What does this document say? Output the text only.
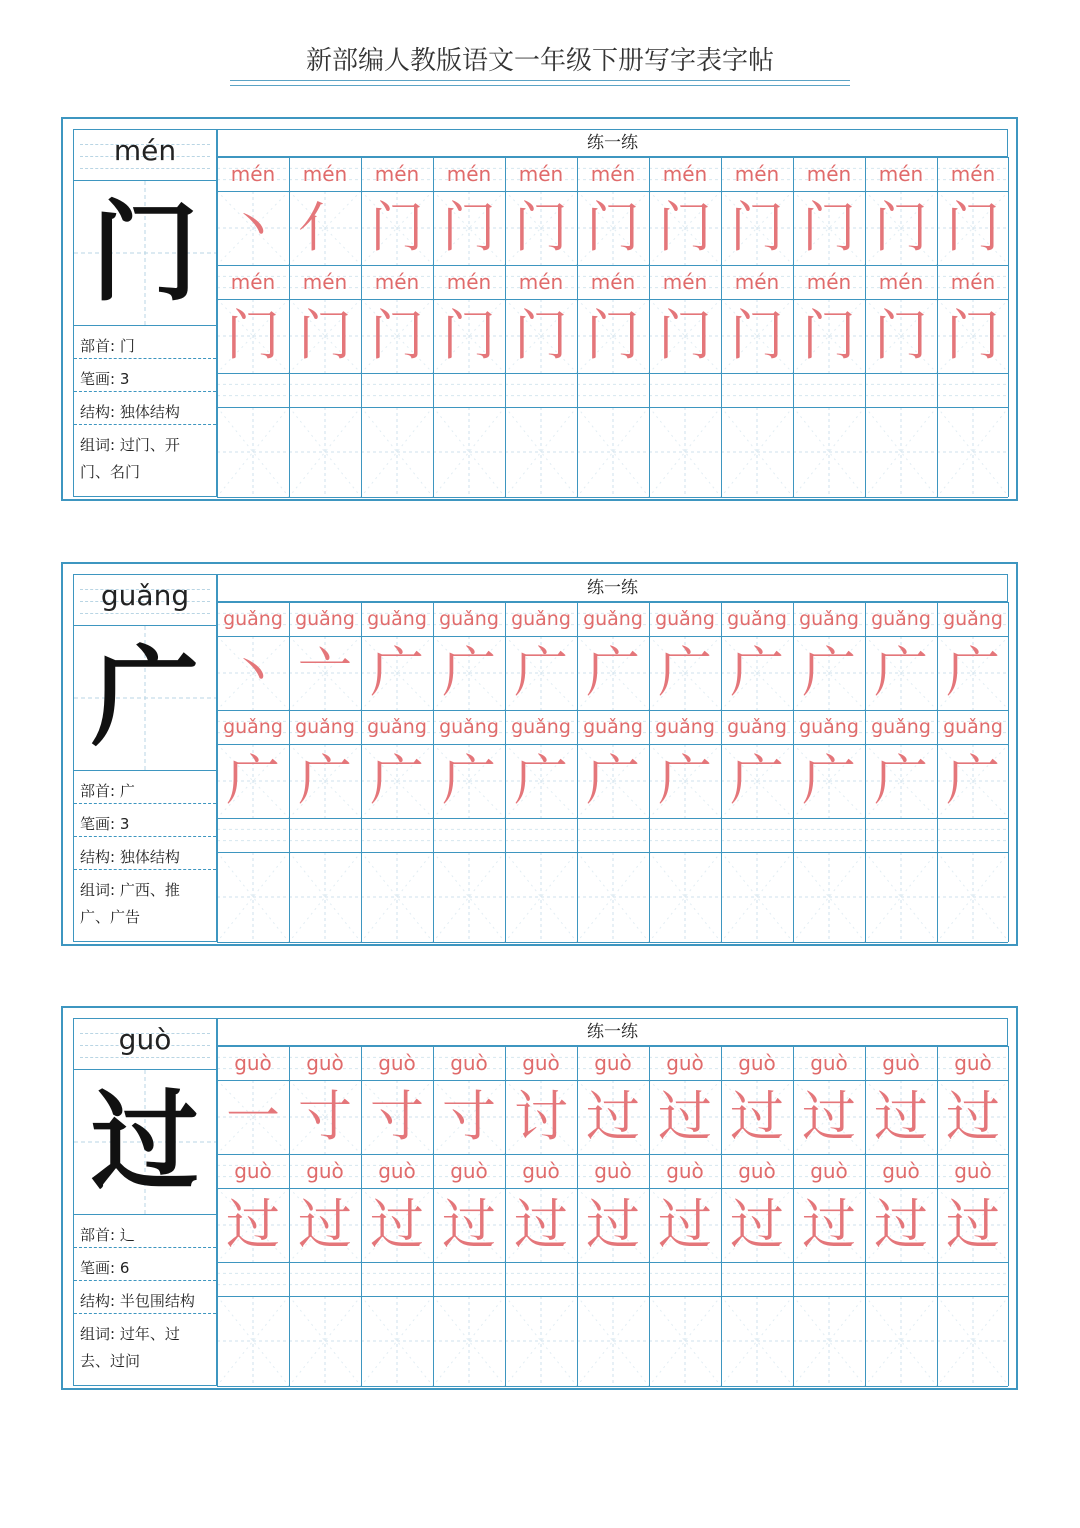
新部编人教版语文一年级下册写字表字帖
mén
门
部首: 门
笔画: 3
结构: 独体结构
组词: 过门、开
门、名门
练一练
mén	mén	mén	mén	mén	mén	mén	mén	mén	mén	mén
丶 亻 门 门 门 门 门 门 门 门 门
mén	mén	mén	mén	mén	mén	mén	mén	mén	mén	mén
门 门 门 门 门 门 门 门 门 门 门
guǎng
广
部首: 广
笔画: 3
结构: 独体结构
组词: 广西、推
广、广告
练一练
guǎng guǎng guǎng guǎng guǎng guǎng guǎng guǎng guǎng guǎng guǎng
丶 亠 广 广 广 广 广 广 广 广 广
guǎng guǎng guǎng guǎng guǎng guǎng guǎng guǎng guǎng guǎng guǎng
广 广 广 广 广 广 广 广 广 广 广
guò
过
部首: 辶
笔画: 6
结构: 半包围结构
组词: 过年、过
去、过问
练一练
guò	guò	guò	guò	guò	guò	guò	guò	guò	guò	guò
一 寸 寸 寸 讨 过 过 过 过 过 过
guò	guò	guò	guò	guò	guò	guò	guò	guò	guò	guò
过 过 过 过 过 过 过 过 过 过 过
